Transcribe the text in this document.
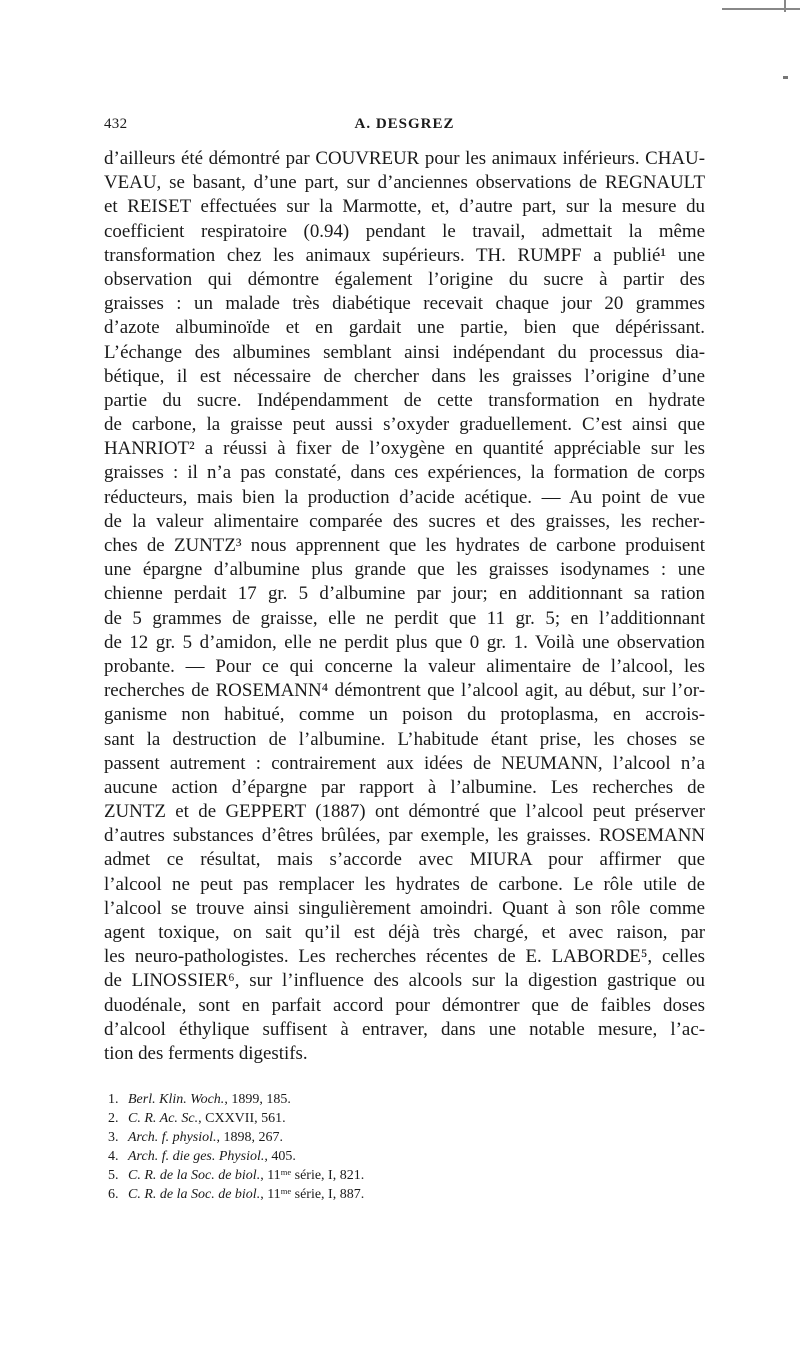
432	A. DESGREZ
d’ailleurs été démontré par COUVREUR pour les animaux inférieurs. CHAU-
VEAU, se basant, d’une part, sur d’anciennes observations de REGNAULT
et REISET effectuées sur la Marmotte, et, d’autre part, sur la mesure du
coefficient respiratoire (0.94) pendant le travail, admettait la même
transformation chez les animaux supérieurs. TH. RUMPF a publié¹ une
observation qui démontre également l’origine du sucre à partir des
graisses : un malade très diabétique recevait chaque jour 20 grammes
d’azote albuminoïde et en gardait une partie, bien que dépérissant.
L’échange des albumines semblant ainsi indépendant du processus dia-
bétique, il est nécessaire de chercher dans les graisses l’origine d’une
partie du sucre. Indépendamment de cette transformation en hydrate
de carbone, la graisse peut aussi s’oxyder graduellement. C’est ainsi que
HANRIOT² a réussi à fixer de l’oxygène en quantité appréciable sur les
graisses : il n’a pas constaté, dans ces expériences, la formation de corps
réducteurs, mais bien la production d’acide acétique. — Au point de vue
de la valeur alimentaire comparée des sucres et des graisses, les recher-
ches de ZUNTZ³ nous apprennent que les hydrates de carbone produisent
une épargne d’albumine plus grande que les graisses isodynames : une
chienne perdait 17 gr. 5 d’albumine par jour; en additionnant sa ration
de 5 grammes de graisse, elle ne perdit que 11 gr. 5; en l’additionnant
de 12 gr. 5 d’amidon, elle ne perdit plus que 0 gr. 1. Voilà une observation
probante. — Pour ce qui concerne la valeur alimentaire de l’alcool, les
recherches de ROSEMANN⁴ démontrent que l’alcool agit, au début, sur l’or-
ganisme non habitué, comme un poison du protoplasma, en accrois-
sant la destruction de l’albumine. L’habitude étant prise, les choses se
passent autrement : contrairement aux idées de NEUMANN, l’alcool n’a
aucune action d’épargne par rapport à l’albumine. Les recherches de
ZUNTZ et de GEPPERT (1887) ont démontré que l’alcool peut préserver
d’autres substances d’êtres brûlées, par exemple, les graisses. ROSEMANN
admet ce résultat, mais s’accorde avec MIURA pour affirmer que
l’alcool ne peut pas remplacer les hydrates de carbone. Le rôle utile de
l’alcool se trouve ainsi singulièrement amoindri. Quant à son rôle comme
agent toxique, on sait qu’il est déjà très chargé, et avec raison, par
les neuro-pathologistes. Les recherches récentes de E. LABORDE⁵, celles
de LINOSSIER⁶, sur l’influence des alcools sur la digestion gastrique ou
duodénale, sont en parfait accord pour démontrer que de faibles doses
d’alcool éthylique suffisent à entraver, dans une notable mesure, l’ac-
tion des ferments digestifs.
1. Berl. Klin. Woch., 1899, 185.
2. C. R. Ac. Sc., CXXVII, 561.
3. Arch. f. physiol., 1898, 267.
4. Arch. f. die ges. Physiol., 405.
5. C. R. de la Soc. de biol., 11ᵐᵉ série, I, 821.
6. C. R. de la Soc. de biol., 11ᵐᵉ série, I, 887.
